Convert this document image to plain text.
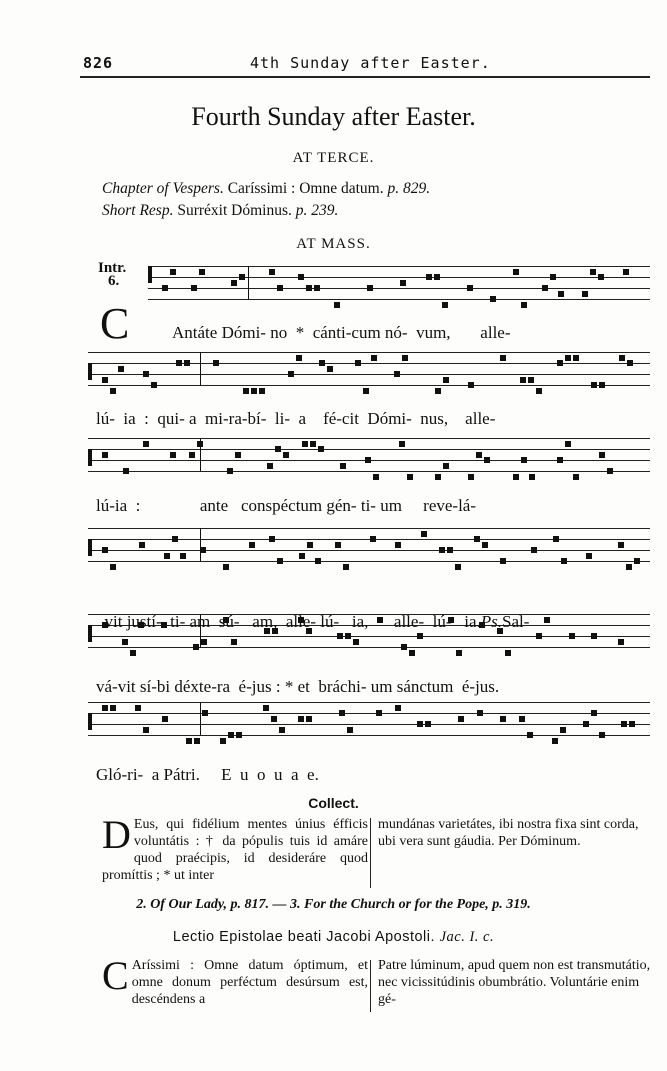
826	4th Sunday after Easter.
Fourth Sunday after Easter.
AT TERCE.
Chapter of Vespers. Caríssimi : Omne datum. p. 829.
Short Resp. Surréxit Dóminus. p. 239.
AT MASS.
Intr.
6.
C	Antáte Dómi- no  *  cánti-cum nó-  vum,       alle-
lú-  ia  :  qui- a  mi-ra-bí-  li-  a    fé-cit  Dómi-  nus,    alle-
lú-ia  :              ante   conspéctum gén- ti- um     reve-lá-

vit justí-  ti- am  sú-   am,  alle- lú-   ia,      alle-  lú-   ia.Ps.Sal-

vá-vit sí-bi déxte-ra  é-jus : * et  bráchi- um sánctum  é-jus.
Gló-ri-  a Pátri.     E  u  o  u  a  e.
Collect.
D Eus, qui fidélium mentes únius éfficis voluntátis : † da pópulis tuis id amáre quod praécipis, id desideráre quod promíttis ; * ut inter
mundánas varietátes, ibi nostra fixa sint corda, ubi vera sunt gáudia. Per Dóminum.
2. Of Our Lady, p. 817. — 3. For the Church or for the Pope, p. 319.
Lectio Epistolae beati Jacobi Apostoli. Jac. I. c.
C Aríssimi : Omne datum óptimum, et omne donum perféctum desúrsum est, descéndens a
Patre lúminum, apud quem non est transmutátio, nec vicissitúdinis obumbrátio. Voluntárie enim gé-
